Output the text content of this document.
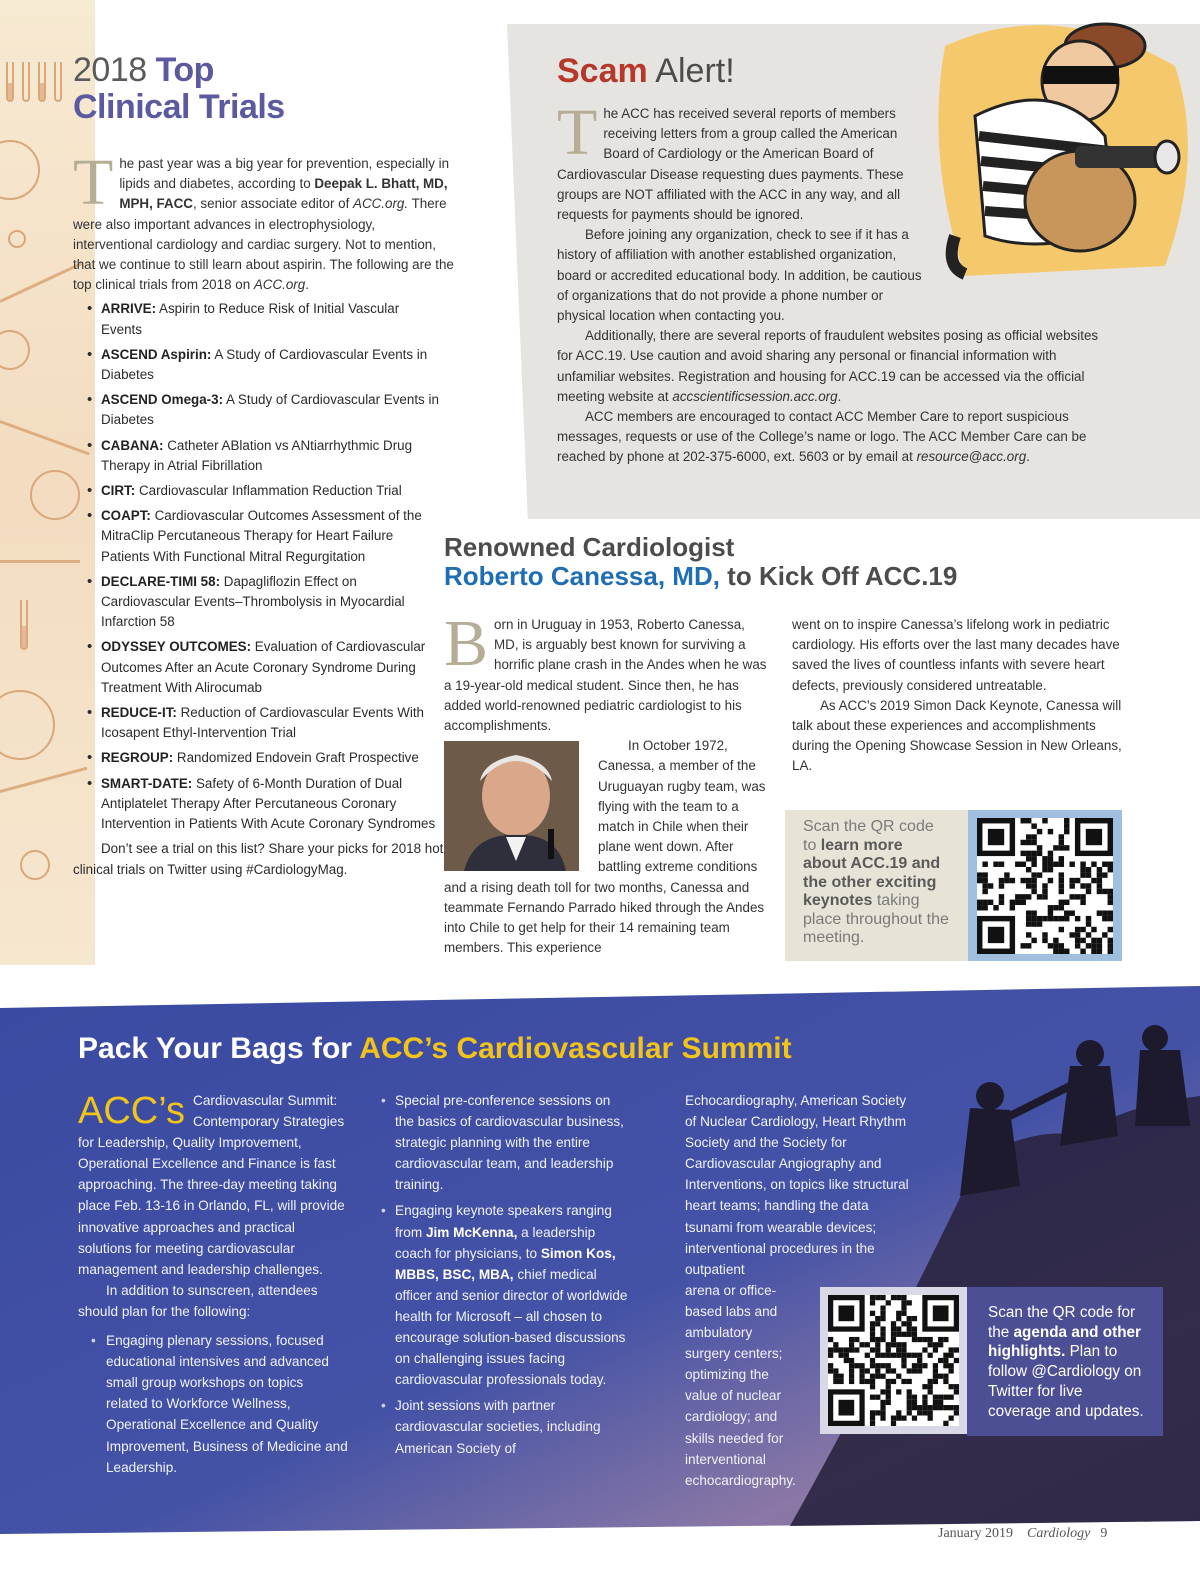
2018 Top
Clinical Trials

The past year was a big year for prevention, especially in lipids and diabetes, according to Deepak L. Bhatt, MD, MPH, FACC, senior associate editor of ACC.org. There were also important advances in electrophysiology, interventional cardiology and cardiac surgery. Not to mention, that we continue to still learn about aspirin. The following are the top clinical trials from 2018 on ACC.org.

• ARRIVE: Aspirin to Reduce Risk of Initial Vascular Events
• ASCEND Aspirin: A Study of Cardiovascular Events in Diabetes
• ASCEND Omega-3: A Study of Cardiovascular Events in Diabetes
• CABANA: Catheter ABlation vs ANtiarrhythmic Drug Therapy in Atrial Fibrillation
• CIRT: Cardiovascular Inflammation Reduction Trial
• COAPT: Cardiovascular Outcomes Assessment of the MitraClip Percutaneous Therapy for Heart Failure Patients With Functional Mitral Regurgitation
• DECLARE-TIMI 58: Dapagliflozin Effect on Cardiovascular Events–Thrombolysis in Myocardial Infarction 58
• ODYSSEY OUTCOMES: Evaluation of Cardiovascular Outcomes After an Acute Coronary Syndrome During Treatment With Alirocumab
• REDUCE-IT: Reduction of Cardiovascular Events With Icosapent Ethyl-Intervention Trial
• REGROUP: Randomized Endovein Graft Prospective
• SMART-DATE: Safety of 6-Month Duration of Dual Antiplatelet Therapy After Percutaneous Coronary Intervention in Patients With Acute Coronary Syndromes

Don’t see a trial on this list? Share your picks for 2018 hot clinical trials on Twitter using #CardiologyMag.

Scam Alert!

The ACC has received several reports of members receiving letters from a group called the American Board of Cardiology or the American Board of Cardiovascular Disease requesting dues payments. These groups are NOT affiliated with the ACC in any way, and all requests for payments should be ignored.

Before joining any organization, check to see if it has a history of affiliation with another established organization, board or accredited educational body. In addition, be cautious of organizations that do not provide a phone number or physical location when contacting you.

Additionally, there are several reports of fraudulent websites posing as official websites for ACC.19. Use caution and avoid sharing any personal or financial information with unfamiliar websites. Registration and housing for ACC.19 can be accessed via the official meeting website at accscientificsession.acc.org.

ACC members are encouraged to contact ACC Member Care to report suspicious messages, requests or use of the College’s name or logo. The ACC Member Care can be reached by phone at 202-375-6000, ext. 5603 or by email at resource@acc.org.

Renowned Cardiologist
Roberto Canessa, MD, to Kick Off ACC.19

Born in Uruguay in 1953, Roberto Canessa, MD, is arguably best known for surviving a horrific plane crash in the Andes when he was a 19-year-old medical student. Since then, he has added world-renowned pediatric cardiologist to his accomplishments.

In October 1972, Canessa, a member of the Uruguayan rugby team, was flying with the team to a match in Chile when their plane went down. After battling extreme conditions and a rising death toll for two months, Canessa and teammate Fernando Parrado hiked through the Andes into Chile to get help for their 14 remaining team members. This experience

went on to inspire Canessa’s lifelong work in pediatric cardiology. His efforts over the last many decades have saved the lives of countless infants with severe heart defects, previously considered untreatable.

As ACC’s 2019 Simon Dack Keynote, Canessa will talk about these experiences and accomplishments during the Opening Showcase Session in New Orleans, LA.

Scan the QR code to learn more about ACC.19 and the other exciting keynotes taking place throughout the meeting.

Pack Your Bags for ACC’s Cardiovascular Summit

ACC’s Cardiovascular Summit: Contemporary Strategies for Leadership, Quality Improvement, Operational Excellence and Finance is fast approaching. The three-day meeting taking place Feb. 13-16 in Orlando, FL, will provide innovative approaches and practical solutions for meeting cardiovascular management and leadership challenges.

In addition to sunscreen, attendees should plan for the following:

• Engaging plenary sessions, focused educational intensives and advanced small group workshops on topics related to Workforce Wellness, Operational Excellence and Quality Improvement, Business of Medicine and Leadership.
• Special pre-conference sessions on the basics of cardiovascular business, strategic planning with the entire cardiovascular team, and leadership training.
• Engaging keynote speakers ranging from Jim McKenna, a leadership coach for physicians, to Simon Kos, MBBS, BSC, MBA, chief medical officer and senior director of worldwide health for Microsoft – all chosen to encourage solution-based discussions on challenging issues facing cardiovascular professionals today.
• Joint sessions with partner cardiovascular societies, including American Society of

Echocardiography, American Society of Nuclear Cardiology, Heart Rhythm Society and the Society for Cardiovascular Angiography and Interventions, on topics like structural heart teams; handling the data tsunami from wearable devices; interventional procedures in the outpatient

arena or office-based labs and ambulatory surgery centers; optimizing the value of nuclear cardiology; and skills needed for interventional echocardiography.

Scan the QR code for the agenda and other highlights. Plan to follow @Cardiology on Twitter for live coverage and updates.
January 2019 Cardiology 9
